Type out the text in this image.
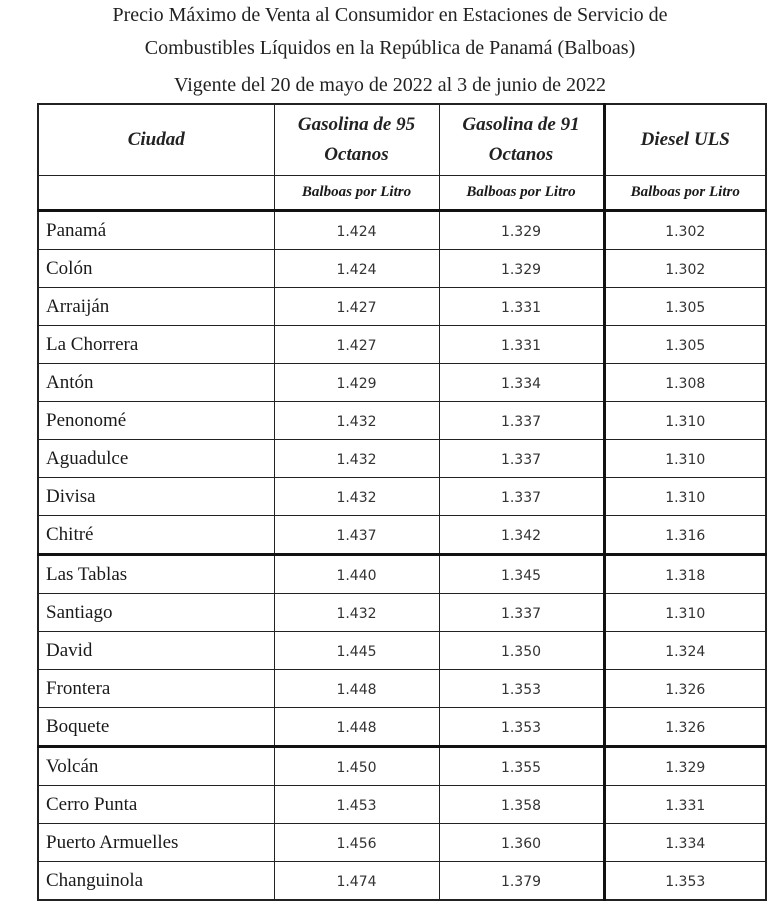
Precio Máximo de Venta al Consumidor en Estaciones de Servicio de
Combustibles Líquidos en la República de Panamá (Balboas)
Vigente del 20 de mayo de 2022 al 3 de junio de 2022
Ciudad	Gasolina de 95 Octanos	Gasolina de 91 Octanos	Diesel ULS
	Balboas por Litro	Balboas por Litro	Balboas por Litro
Panamá	1.424	1.329	1.302
Colón	1.424	1.329	1.302
Arraiján	1.427	1.331	1.305
La Chorrera	1.427	1.331	1.305
Antón	1.429	1.334	1.308
Penonomé	1.432	1.337	1.310
Aguadulce	1.432	1.337	1.310
Divisa	1.432	1.337	1.310
Chitré	1.437	1.342	1.316
Las Tablas	1.440	1.345	1.318
Santiago	1.432	1.337	1.310
David	1.445	1.350	1.324
Frontera	1.448	1.353	1.326
Boquete	1.448	1.353	1.326
Volcán	1.450	1.355	1.329
Cerro Punta	1.453	1.358	1.331
Puerto Armuelles	1.456	1.360	1.334
Changuinola	1.474	1.379	1.353
